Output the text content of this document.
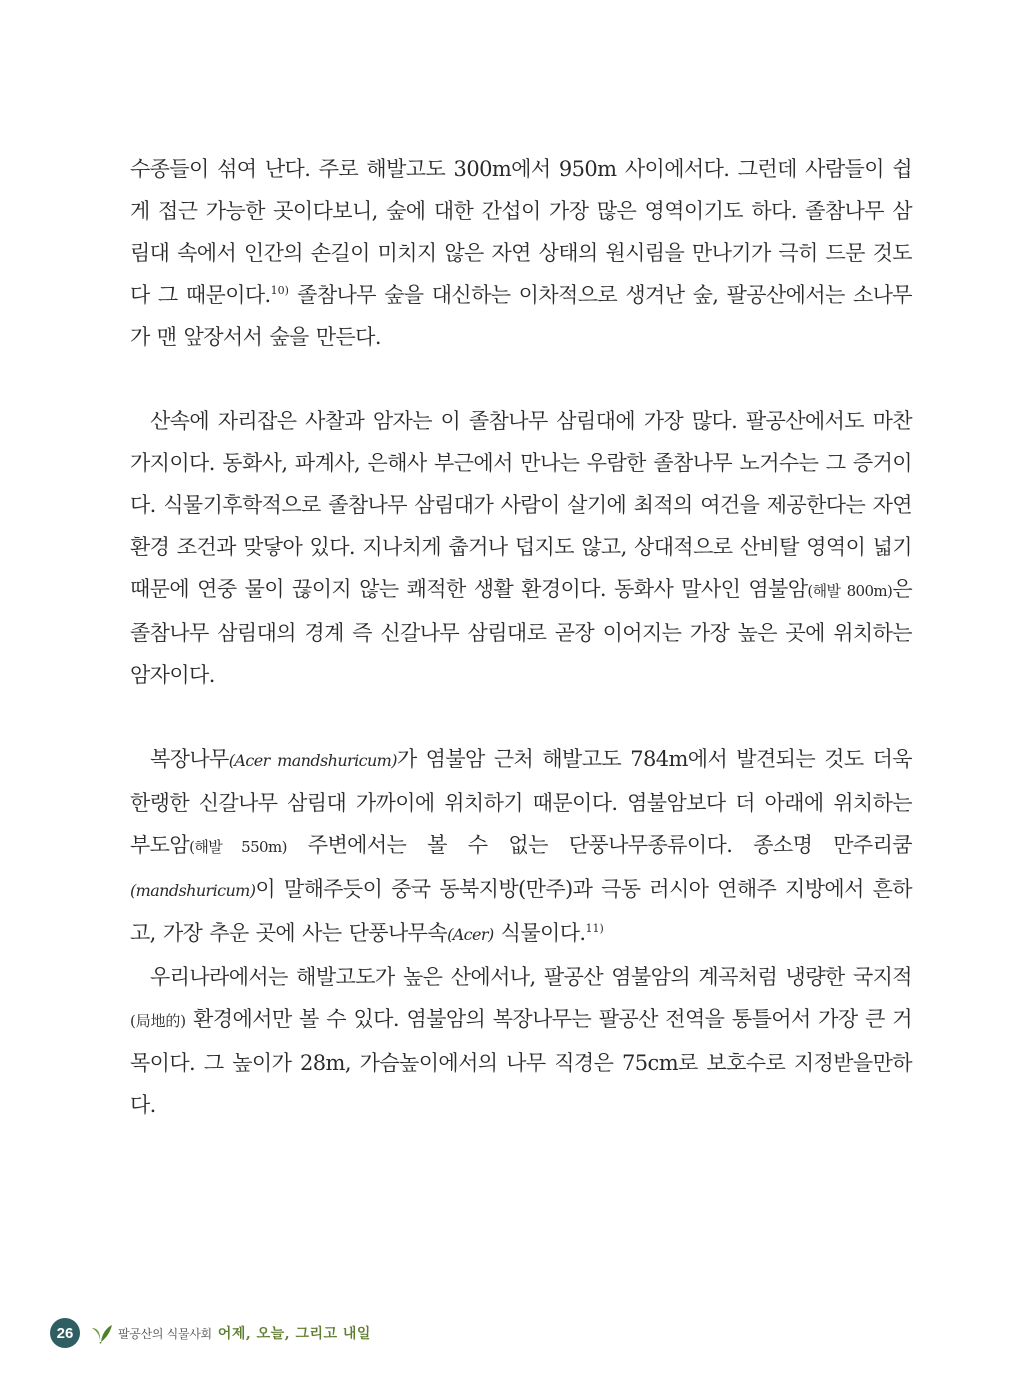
수종들이 섞여 난다. 주로 해발고도 300m에서 950m 사이에서다. 그런데 사람들이 쉽게 접근 가능한 곳이다보니, 숲에 대한 간섭이 가장 많은 영역이기도 하다. 졸참나무 삼림대 속에서 인간의 손길이 미치지 않은 자연 상태의 원시림을 만나기가 극히 드문 것도 다 그 때문이다.$^{10)}$ 졸참나무 숲을 대신하는 이차적으로 생겨난 숲, 팔공산에서는 소나무가 맨 앞장서서 숲을 만든다.

산속에 자리잡은 사찰과 암자는 이 졸참나무 삼림대에 가장 많다. 팔공산에서도 마찬가지이다. 동화사, 파계사, 은해사 부근에서 만나는 우람한 졸참나무 노거수는 그 증거이다. 식물기후학적으로 졸참나무 삼림대가 사람이 살기에 최적의 여건을 제공한다는 자연환경 조건과 맞닿아 있다. 지나치게 춥거나 덥지도 않고, 상대적으로 산비탈 영역이 넓기 때문에 연중 물이 끊이지 않는 쾌적한 생활 환경이다. 동화사 말사인 염불암(해발 800m)은 졸참나무 삼림대의 경계 즉 신갈나무 삼림대로 곧장 이어지는 가장 높은 곳에 위치하는 암자이다.

복장나무(Acer mandshuricum)가 염불암 근처 해발고도 784m에서 발견되는 것도 더욱 한랭한 신갈나무 삼림대 가까이에 위치하기 때문이다. 염불암보다 더 아래에 위치하는 부도암(해발 550m) 주변에서는 볼 수 없는 단풍나무종류이다. 종소명 만주리쿰(mandshuricum)이 말해주듯이 중국 동북지방(만주)과 극동 러시아 연해주 지방에서 흔하고, 가장 추운 곳에 사는 단풍나무속(Acer) 식물이다.$^{11)}$

우리나라에서는 해발고도가 높은 산에서나, 팔공산 염불암의 계곡처럼 냉량한 국지적(局地的) 환경에서만 볼 수 있다. 염불암의 복장나무는 팔공산 전역을 통틀어서 가장 큰 거목이다. 그 높이가 28m, 가슴높이에서의 나무 직경은 75cm로 보호수로 지정받을만하다.

26	팔공산의 식물사회 어제, 오늘, 그리고 내일
